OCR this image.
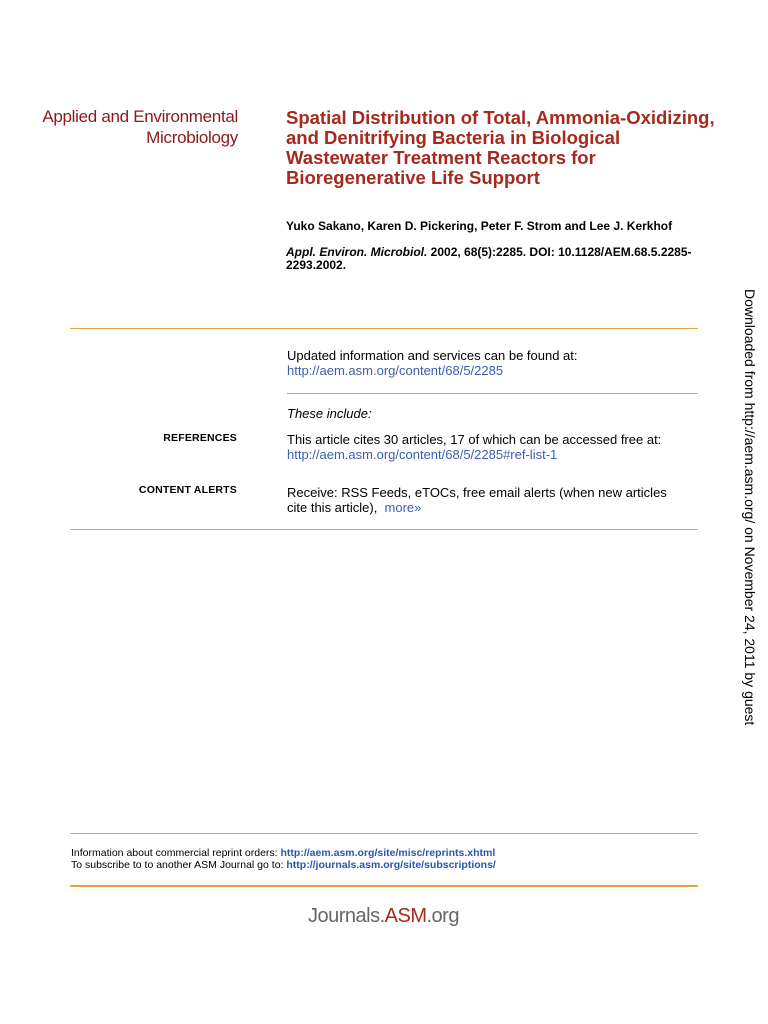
Applied and Environmental
Microbiology
Spatial Distribution of Total, Ammonia-Oxidizing, and Denitrifying Bacteria in Biological Wastewater Treatment Reactors for Bioregenerative Life Support
Yuko Sakano, Karen D. Pickering, Peter F. Strom and Lee J. Kerkhof
Appl. Environ. Microbiol. 2002, 68(5):2285. DOI: 10.1128/AEM.68.5.2285-2293.2002.
Updated information and services can be found at:
http://aem.asm.org/content/68/5/2285
These include:
REFERENCES	This article cites 30 articles, 17 of which can be accessed free at:  http://aem.asm.org/content/68/5/2285#ref-list-1
CONTENT ALERTS	Receive: RSS Feeds, eTOCs, free email alerts (when new articles cite this article), more»
Information about commercial reprint orders: http://aem.asm.org/site/misc/reprints.xhtml
To subscribe to to another ASM Journal go to: http://journals.asm.org/site/subscriptions/
Journals.ASM.org
Downloaded from http://aem.asm.org/ on November 24, 2011 by guest
